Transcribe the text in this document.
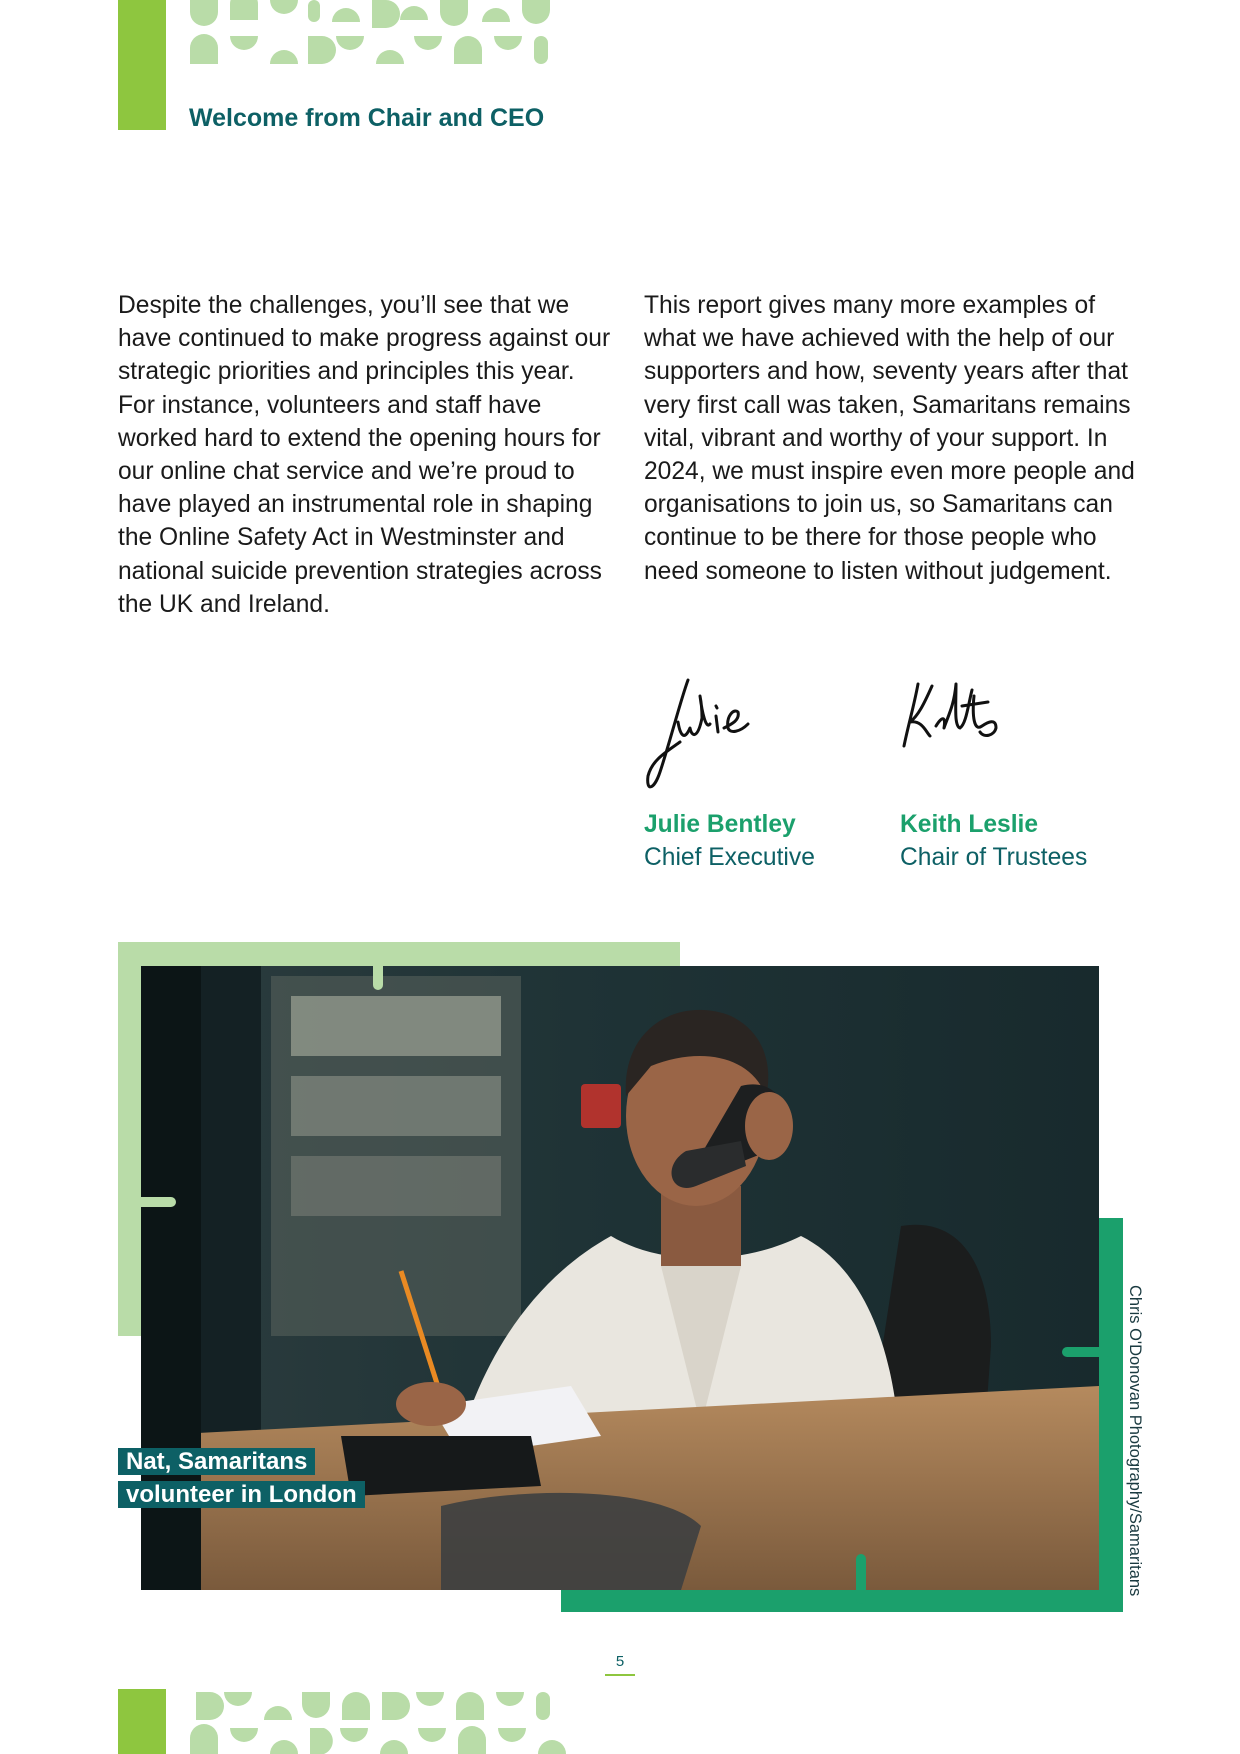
Welcome from Chair and CEO

Despite the challenges, you’ll see that we have continued to make progress against our strategic priorities and principles this year. For instance, volunteers and staff have worked hard to extend the opening hours for our online chat service and we’re proud to have played an instrumental role in shaping the Online Safety Act in Westminster and national suicide prevention strategies across the UK and Ireland.

This report gives many more examples of what we have achieved with the help of our supporters and how, seventy years after that very first call was taken, Samaritans remains vital, vibrant and worthy of your support. In 2024, we must inspire even more people and organisations to join us, so Samaritans can continue to be there for those people who need someone to listen without judgement.

Julie Bentley
Chief Executive
Keith Leslie
Chair of Trustees
Nat, Samaritans
volunteer in London	Chris O'Donovan Photography/Samaritans
5
